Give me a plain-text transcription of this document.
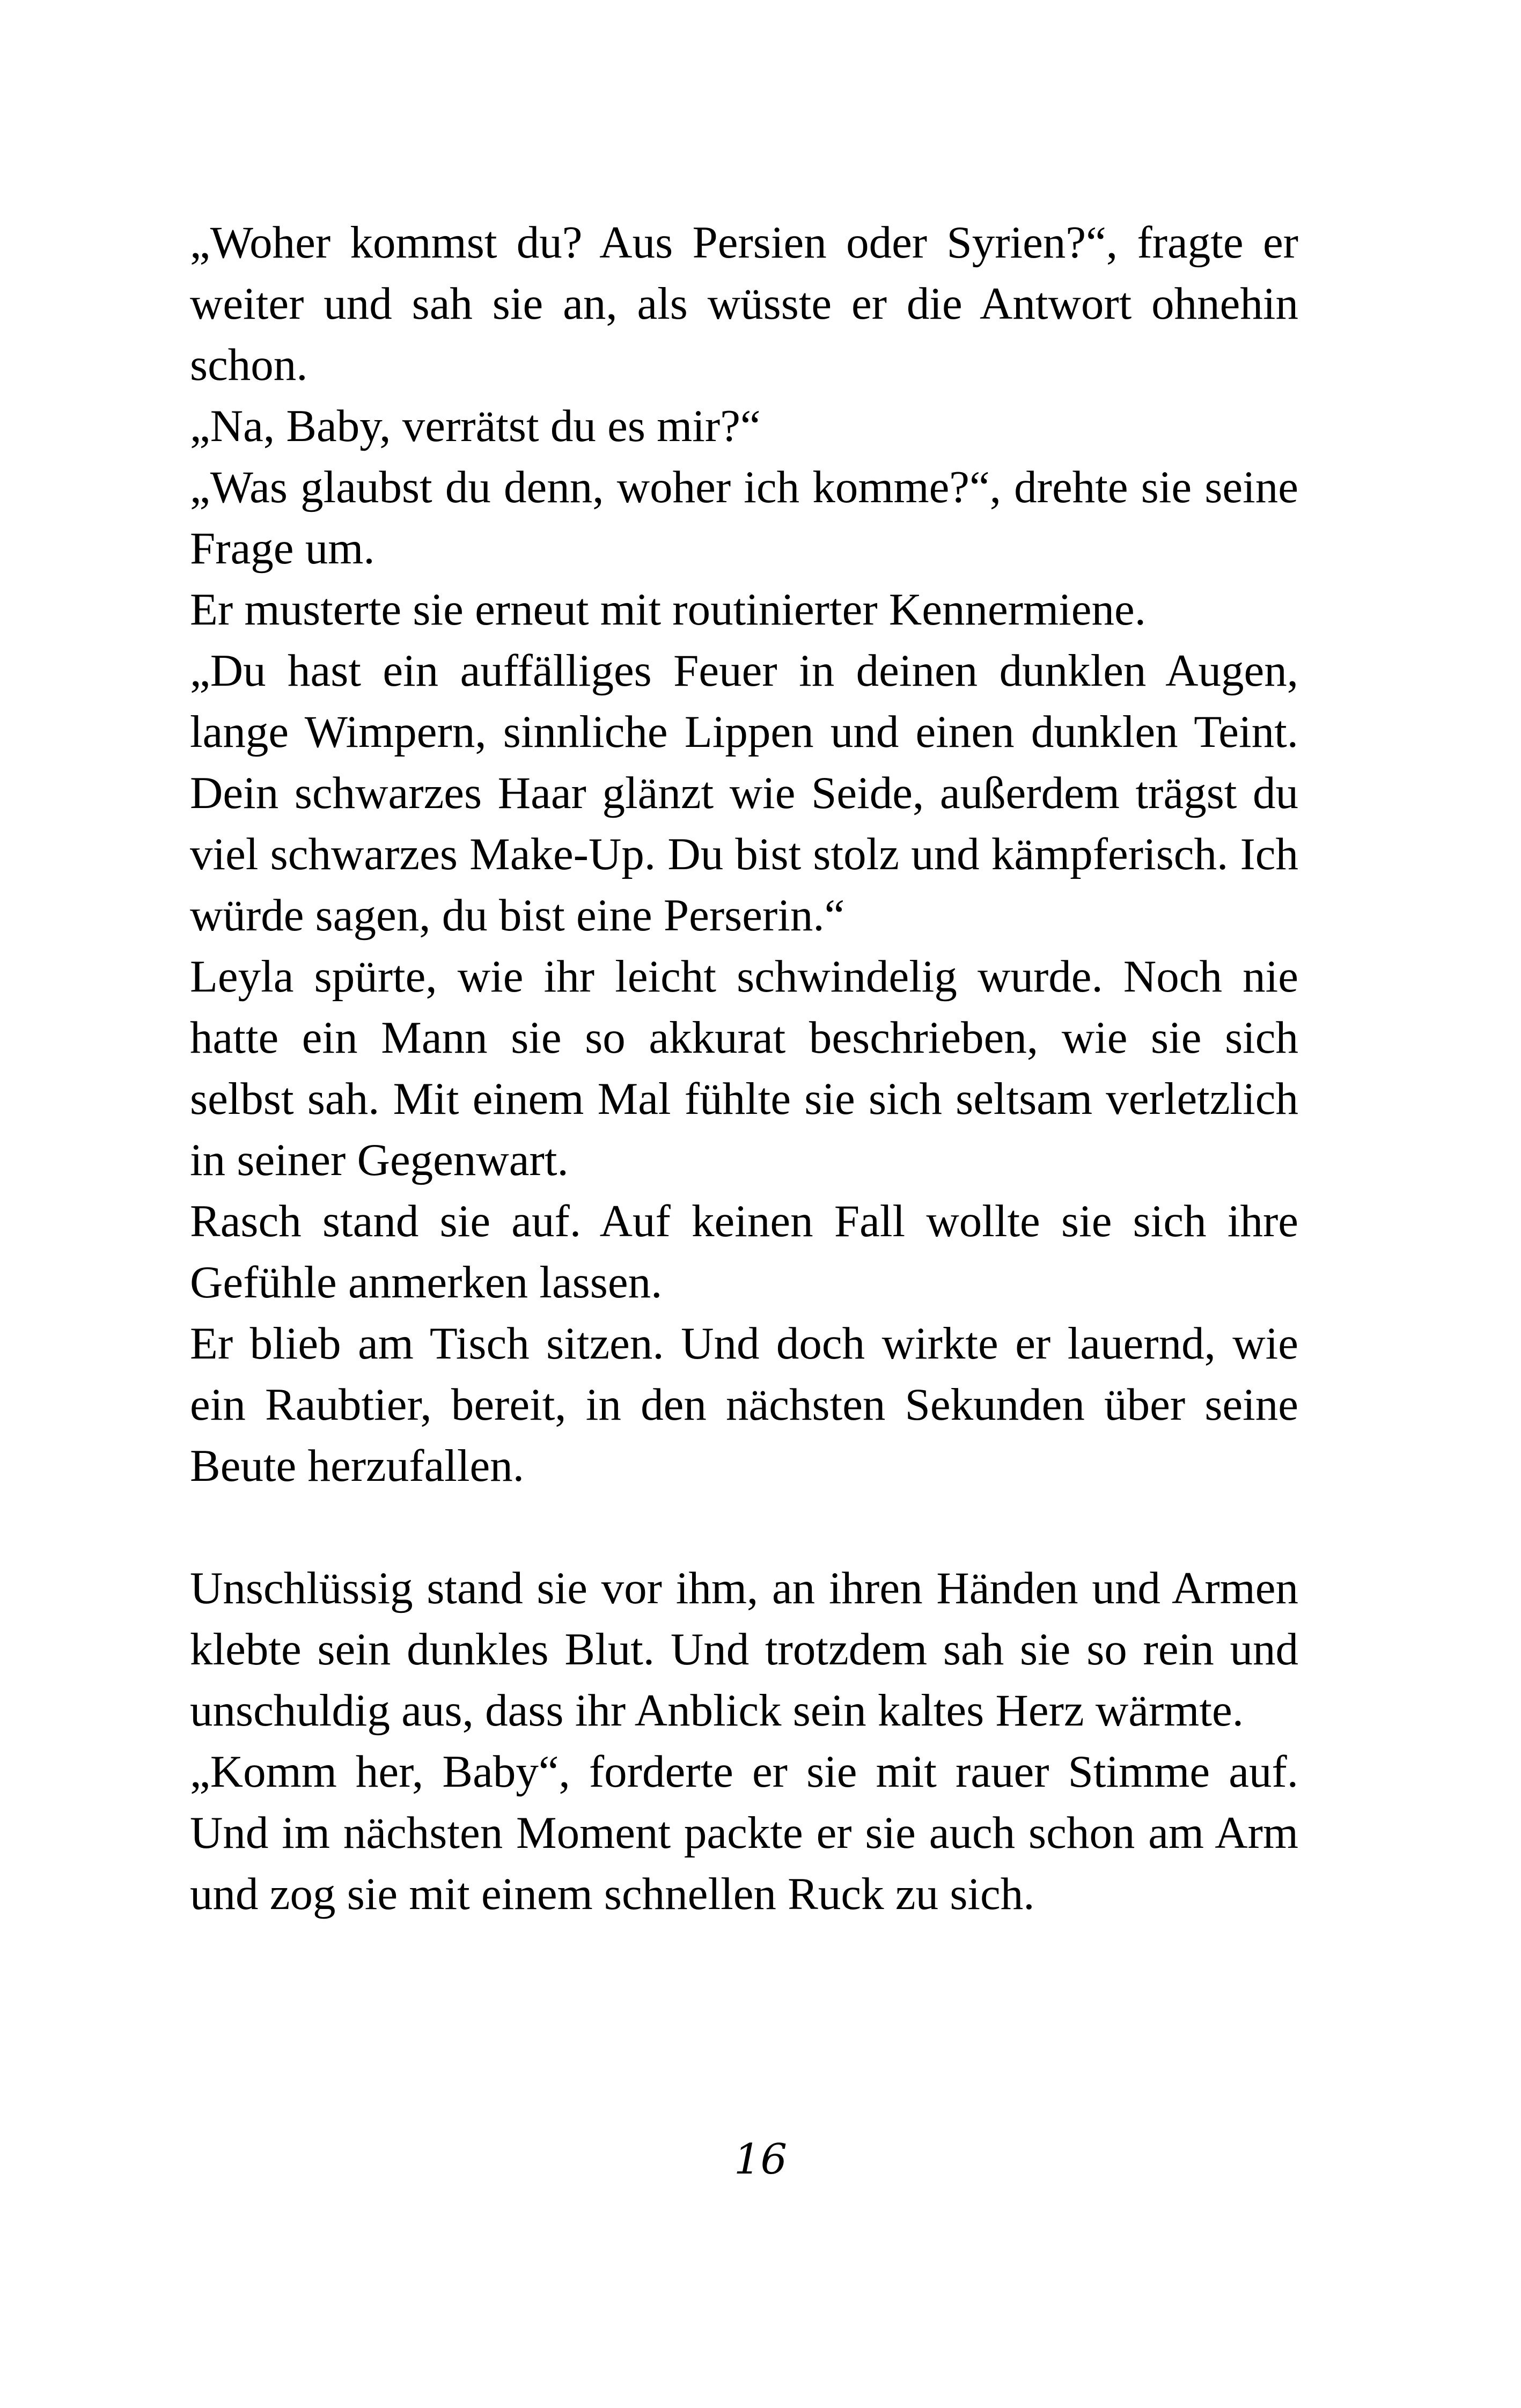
„Woher kommst du? Aus Persien oder Syrien?“, fragte er weiter und sah sie an, als wüsste er die Antwort ohnehin schon.

„Na, Baby, verrätst du es mir?“

„Was glaubst du denn, woher ich komme?“, drehte sie seine Frage um.

Er musterte sie erneut mit routinierter Kennermiene.

„Du hast ein auffälliges Feuer in deinen dunklen Augen, lange Wimpern, sinnliche Lippen und einen dunklen Teint. Dein schwarzes Haar glänzt wie Seide, außerdem trägst du viel schwarzes Make-Up. Du bist stolz und kämpferisch. Ich würde sagen, du bist eine Perserin.“

Leyla spürte, wie ihr leicht schwindelig wurde. Noch nie hatte ein Mann sie so akkurat beschrieben, wie sie sich selbst sah. Mit einem Mal fühlte sie sich seltsam verletzlich in seiner Gegenwart.

Rasch stand sie auf. Auf keinen Fall wollte sie sich ihre Gefühle anmerken lassen.

Er blieb am Tisch sitzen. Und doch wirkte er lauernd, wie ein Raubtier, bereit, in den nächsten Sekunden über seine Beute herzufallen.

Unschlüssig stand sie vor ihm, an ihren Händen und Armen klebte sein dunkles Blut. Und trotzdem sah sie so rein und unschuldig aus, dass ihr Anblick sein kaltes Herz wärmte.

„Komm her, Baby“, forderte er sie mit rauer Stimme auf. Und im nächsten Moment packte er sie auch schon am Arm und zog sie mit einem schnellen Ruck zu sich.

16
